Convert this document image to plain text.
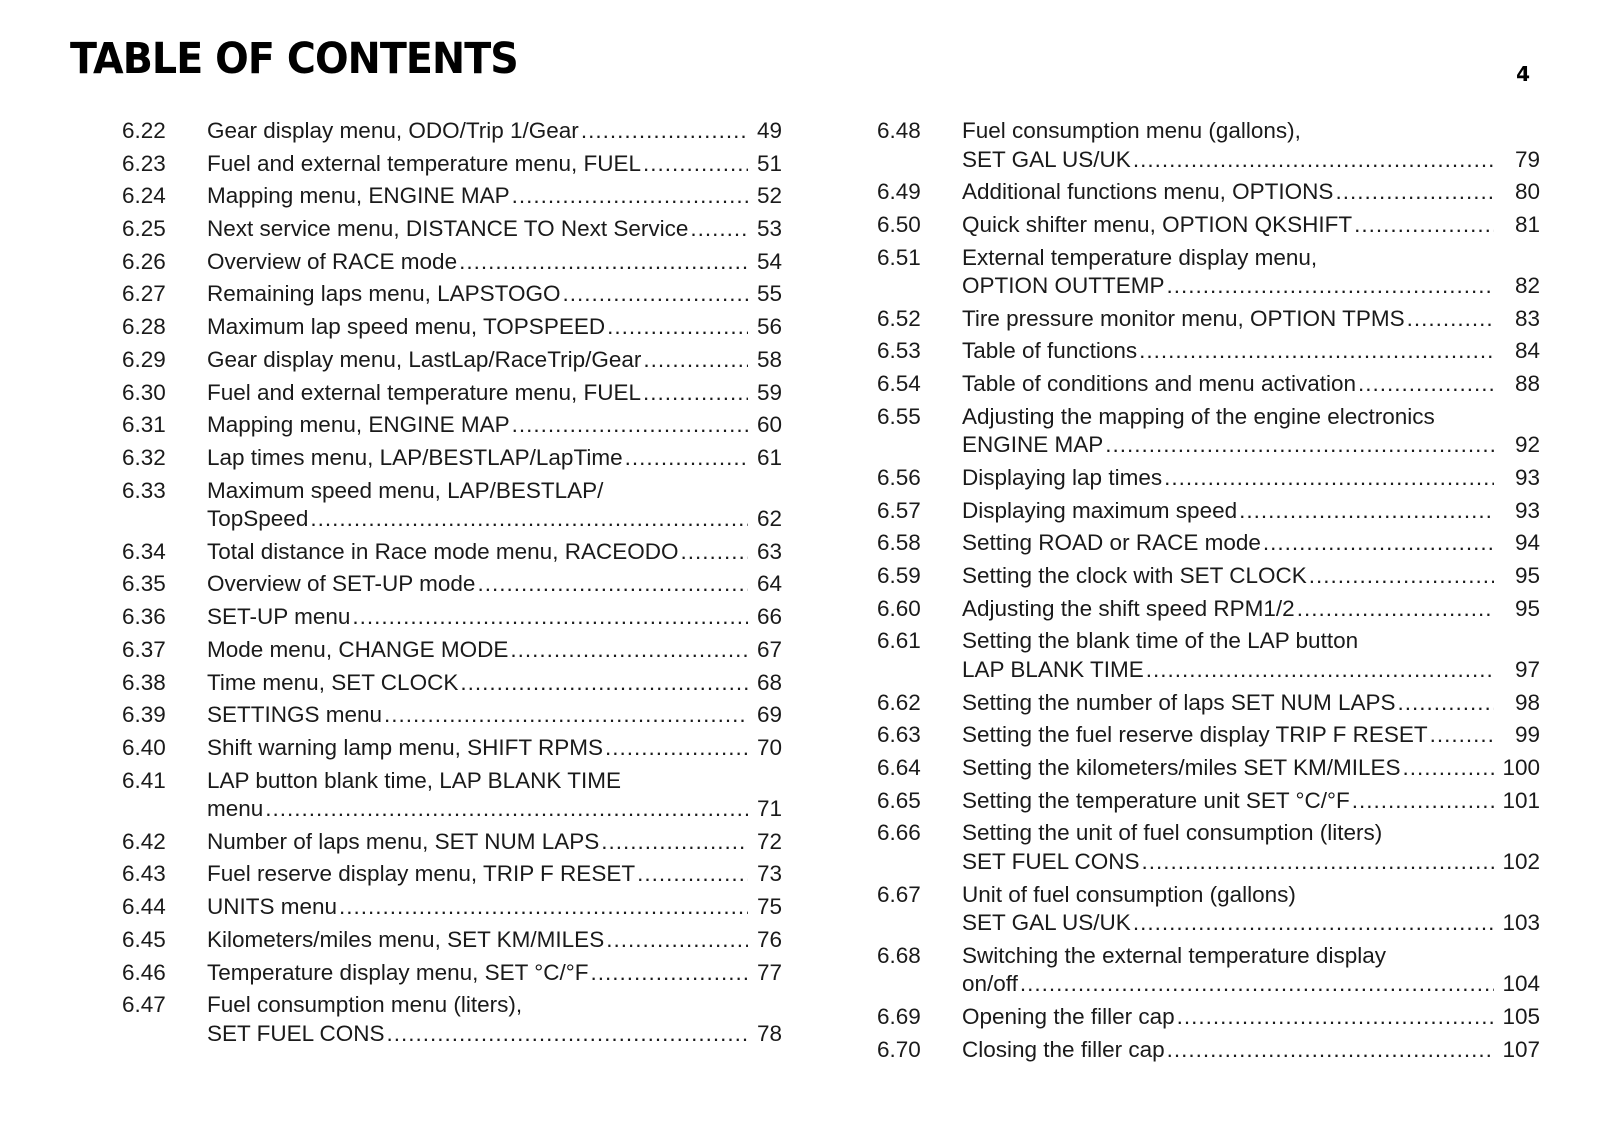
TABLE OF CONTENTS	4
6.22	Gear display menu, ODO/Trip 1/Gear .....	49
6.23	Fuel and external temperature menu, FUEL .....	51
6.24	Mapping menu, ENGINE MAP .....	52
6.25	Next service menu, DISTANCE TO Next Service .....	53
6.26	Overview of RACE mode .....	54
6.27	Remaining laps menu, LAPSTOGO .....	55
6.28	Maximum lap speed menu, TOPSPEED .....	56
6.29	Gear display menu, LastLap/RaceTrip/Gear .....	58
6.30	Fuel and external temperature menu, FUEL .....	59
6.31	Mapping menu, ENGINE MAP .....	60
6.32	Lap times menu, LAP/BESTLAP/LapTime .....	61
6.33	Maximum speed menu, LAP/BESTLAP/
TopSpeed .....	62
6.34	Total distance in Race mode menu, RACEODO .....	63
6.35	Overview of SET-UP mode .....	64
6.36	SET-UP menu .....	66
6.37	Mode menu, CHANGE MODE .....	67
6.38	Time menu, SET CLOCK .....	68
6.39	SETTINGS menu .....	69
6.40	Shift warning lamp menu, SHIFT RPMS .....	70
6.41	LAP button blank time, LAP BLANK TIME
menu .....	71
6.42	Number of laps menu, SET NUM LAPS .....	72
6.43	Fuel reserve display menu, TRIP F RESET .....	73
6.44	UNITS menu .....	75
6.45	Kilometers/miles menu, SET KM/MILES .....	76
6.46	Temperature display menu, SET °C/°F .....	77
6.47	Fuel consumption menu (liters),
SET FUEL CONS .....	78
6.48	Fuel consumption menu (gallons),
SET GAL US/UK .....	79
6.49	Additional functions menu, OPTIONS .....	80
6.50	Quick shifter menu, OPTION QKSHIFT .....	81
6.51	External temperature display menu,
OPTION OUTTEMP .....	82
6.52	Tire pressure monitor menu, OPTION TPMS .....	83
6.53	Table of functions .....	84
6.54	Table of conditions and menu activation .....	88
6.55	Adjusting the mapping of the engine electronics
ENGINE MAP .....	92
6.56	Displaying lap times .....	93
6.57	Displaying maximum speed .....	93
6.58	Setting ROAD or RACE mode .....	94
6.59	Setting the clock with SET CLOCK .....	95
6.60	Adjusting the shift speed RPM1/2 .....	95
6.61	Setting the blank time of the LAP button
LAP BLANK TIME .....	97
6.62	Setting the number of laps SET NUM LAPS .....	98
6.63	Setting the fuel reserve display TRIP F RESET .....	99
6.64	Setting the kilometers/miles SET KM/MILES .....	100
6.65	Setting the temperature unit SET °C/°F .....	101
6.66	Setting the unit of fuel consumption (liters)
SET FUEL CONS .....	102
6.67	Unit of fuel consumption (gallons)
SET GAL US/UK .....	103
6.68	Switching the external temperature display
on/off .....	104
6.69	Opening the filler cap .....	105
6.70	Closing the filler cap .....	107
